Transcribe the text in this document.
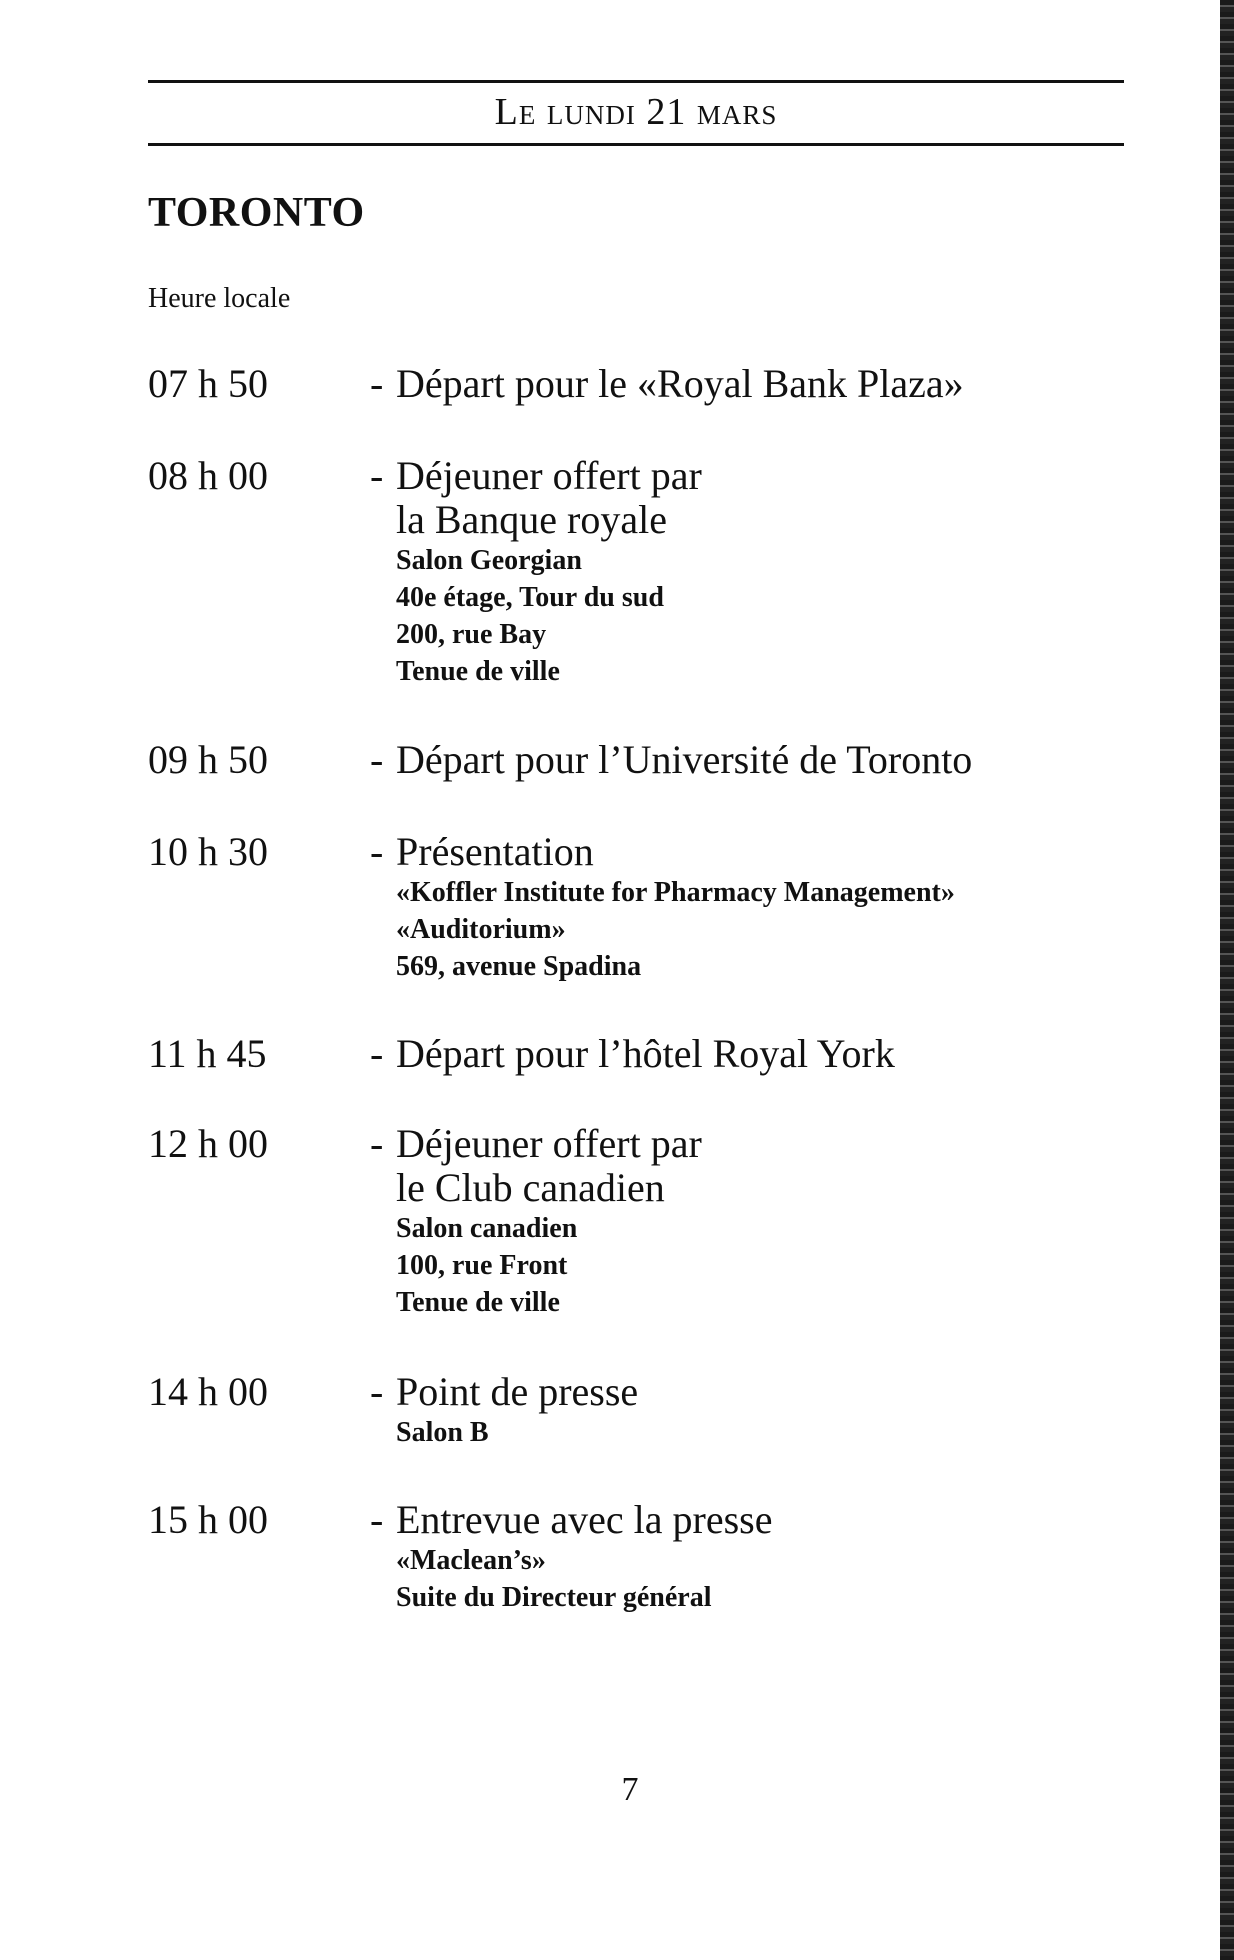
Le lundi 21 mars
TORONTO
Heure locale
07 h 50	- Départ pour le «Royal Bank Plaza»
08 h 00	- Déjeuner offert par
la Banque royale
Salon Georgian
40e étage, Tour du sud
200, rue Bay
Tenue de ville
09 h 50	- Départ pour l’Université de Toronto
10 h 30	- Présentation
«Koffler Institute for Pharmacy Management»
«Auditorium»
569, avenue Spadina
11 h 45	- Départ pour l’hôtel Royal York
12 h 00	- Déjeuner offert par
le Club canadien
Salon canadien
100, rue Front
Tenue de ville
14 h 00	- Point de presse
Salon B
15 h 00	- Entrevue avec la presse
«Maclean’s»
Suite du Directeur général
7
